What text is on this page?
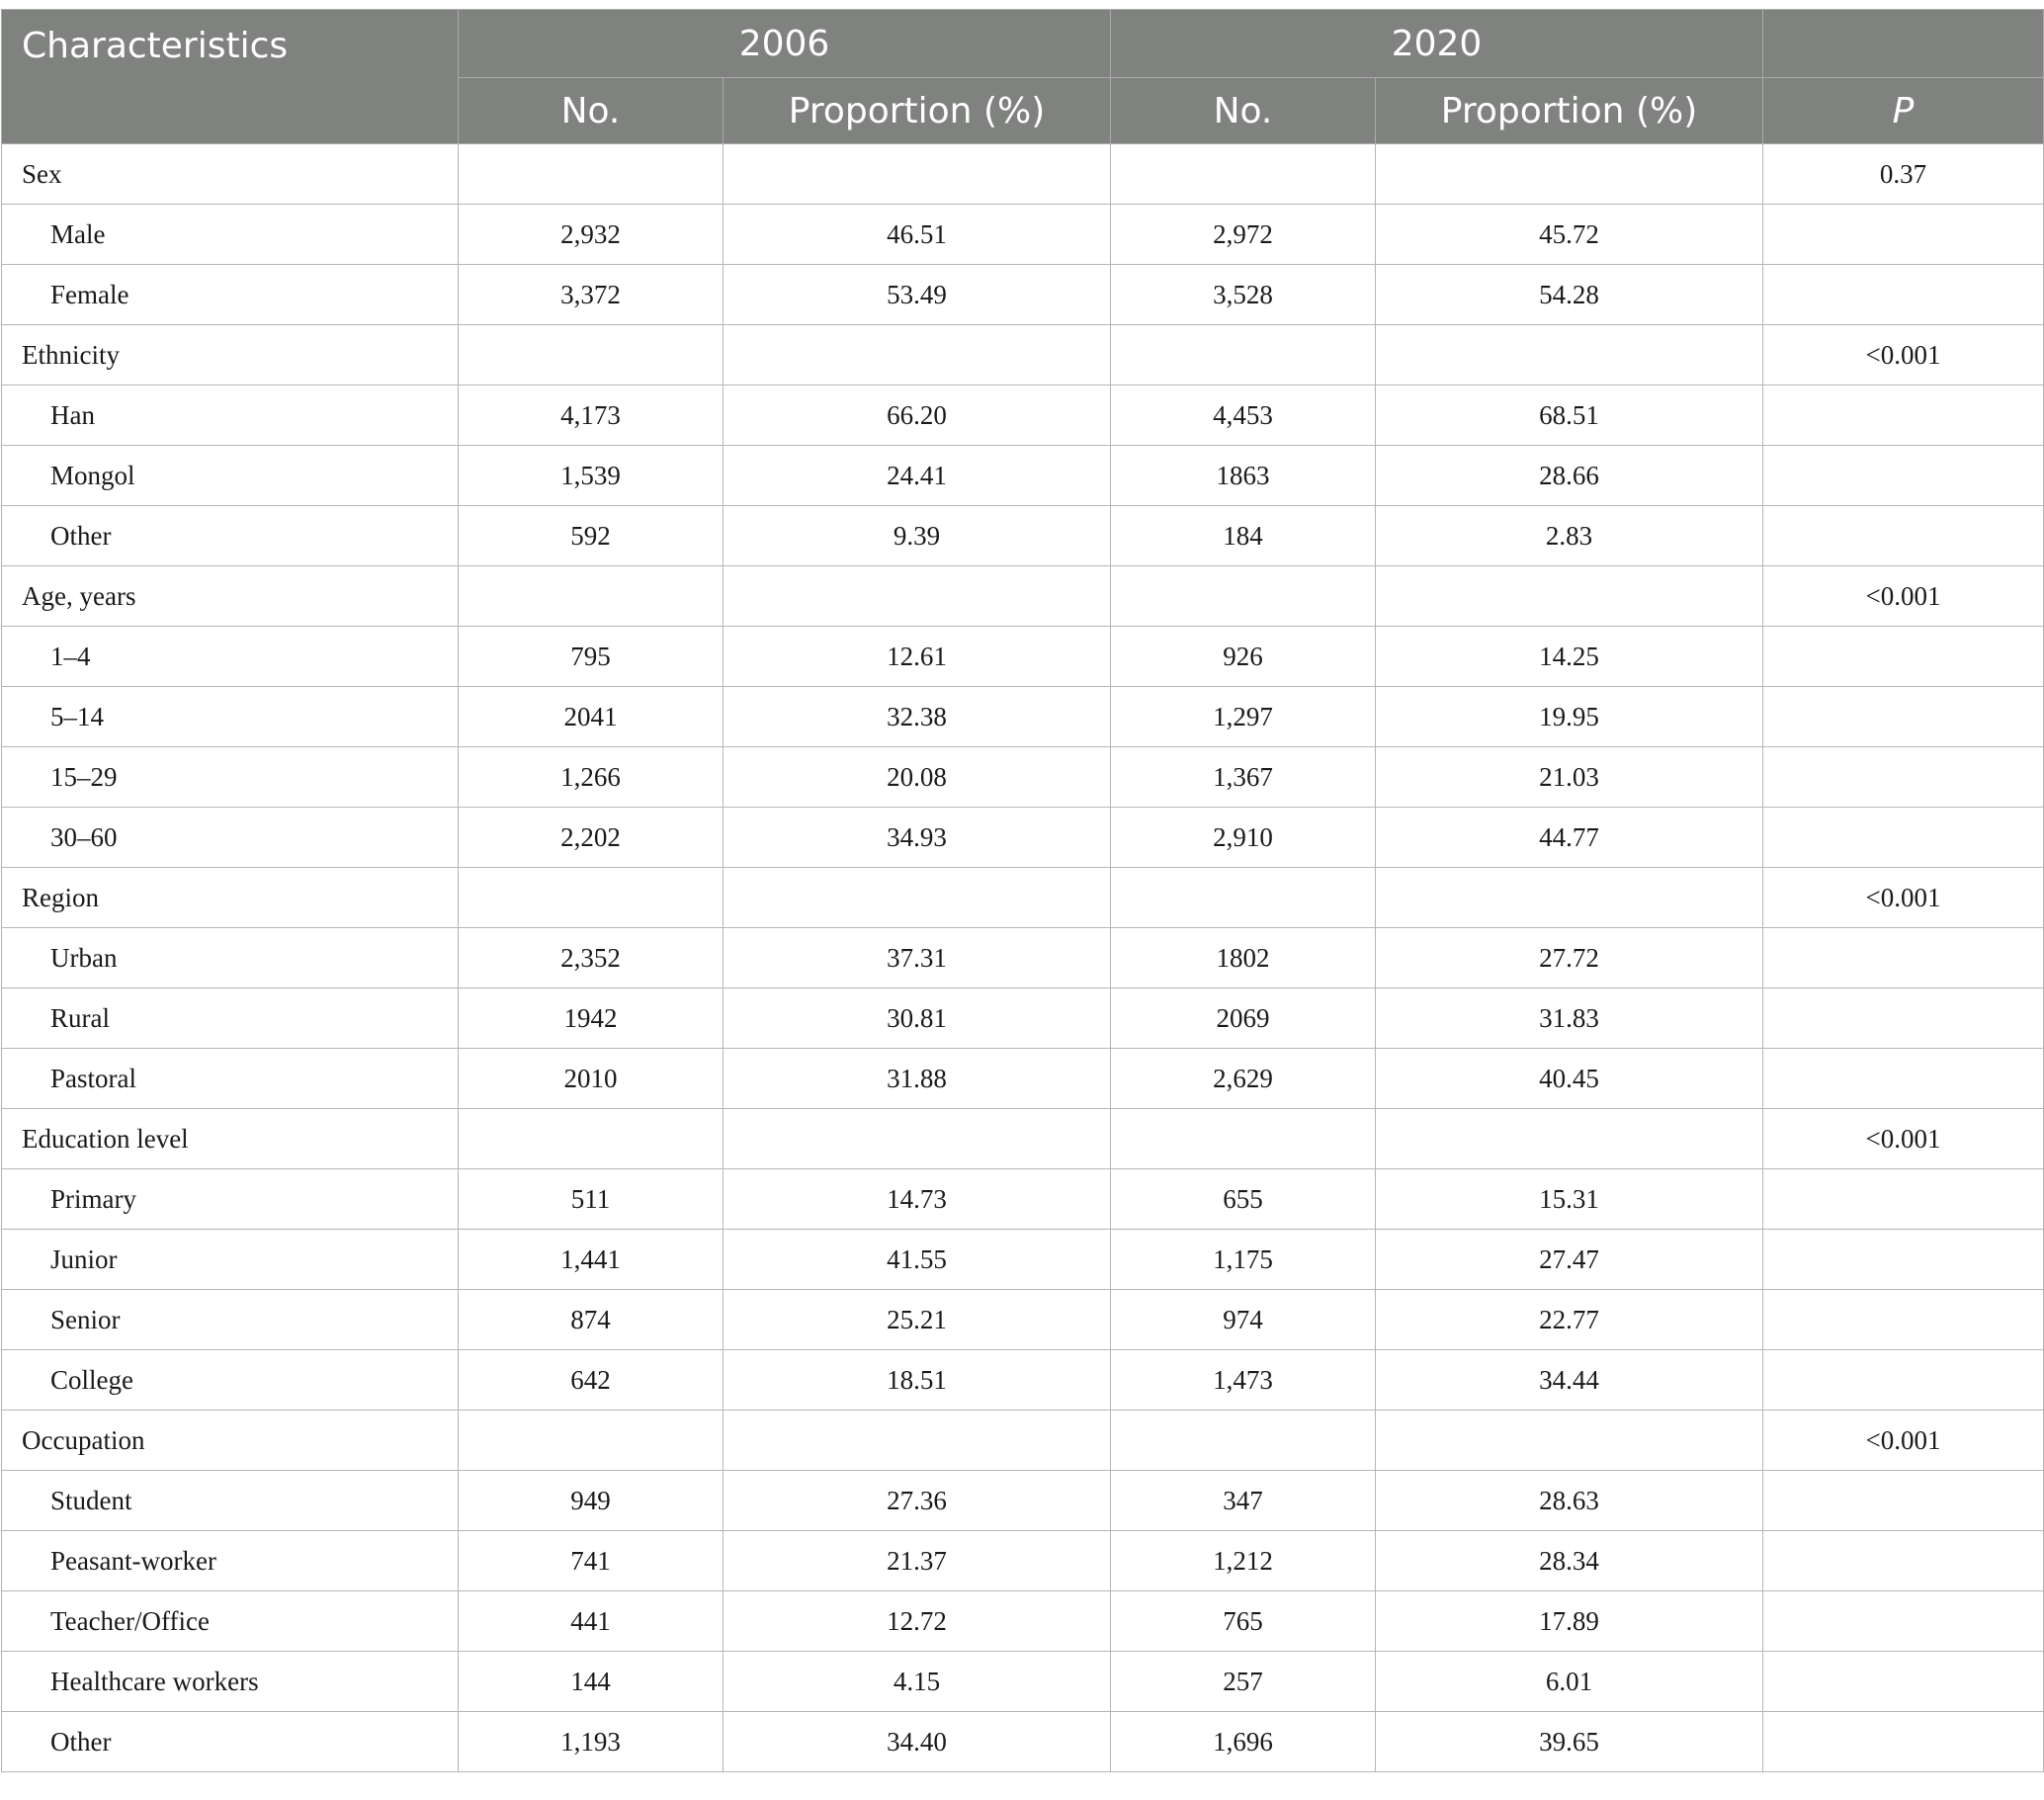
Characteristics	2006		2020		
	No.	Proportion (%)	No.	Proportion (%)	P
Sex					0.37
Male	2,932	46.51	2,972	45.72	
Female	3,372	53.49	3,528	54.28	
Ethnicity					<0.001
Han	4,173	66.20	4,453	68.51	
Mongol	1,539	24.41	1863	28.66	
Other	592	9.39	184	2.83	
Age, years					<0.001
1–4	795	12.61	926	14.25	
5–14	2041	32.38	1,297	19.95	
15–29	1,266	20.08	1,367	21.03	
30–60	2,202	34.93	2,910	44.77	
Region					<0.001
Urban	2,352	37.31	1802	27.72	
Rural	1942	30.81	2069	31.83	
Pastoral	2010	31.88	2,629	40.45	
Education level					<0.001
Primary	511	14.73	655	15.31	
Junior	1,441	41.55	1,175	27.47	
Senior	874	25.21	974	22.77	
College	642	18.51	1,473	34.44	
Occupation					<0.001
Student	949	27.36	347	28.63	
Peasant-worker	741	21.37	1,212	28.34	
Teacher/Office	441	12.72	765	17.89	
Healthcare workers	144	4.15	257	6.01	
Other	1,193	34.40	1,696	39.65	
